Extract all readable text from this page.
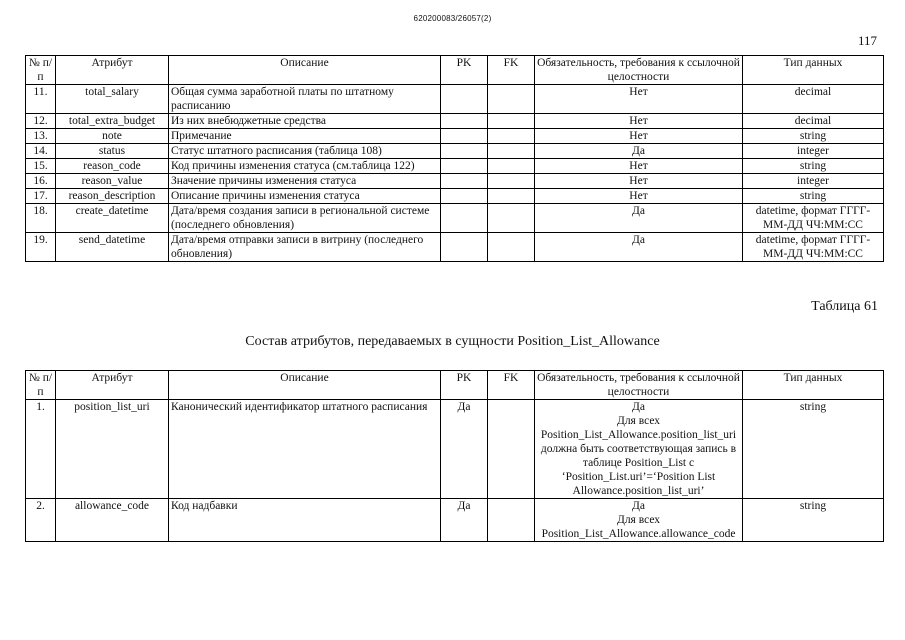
620200083/26057(2)
117
№ п/п	Атрибут	Описание	PK	FK	Обязательность, требования к ссылочной целостности	Тип данных
11.	total_salary	Общая сумма заработной платы по штатному расписанию			Нет	decimal
12.	total_extra_budget	Из них внебюджетные средства			Нет	decimal
13.	note	Примечание			Нет	string
14.	status	Статус штатного расписания (таблица 108)			Да	integer
15.	reason_code	Код причины изменения статуса (см.таблица 122)			Нет	string
16.	reason_value	Значение причины изменения статуса			Нет	integer
17.	reason_description	Описание причины изменения статуса			Нет	string
18.	create_datetime	Дата/время создания записи в региональной системе (последнего обновления)			Да	datetime, формат ГГГГ-ММ-ДД ЧЧ:ММ:СС
19.	send_datetime	Дата/время отправки записи в витрину (последнего обновления)			Да	datetime, формат ГГГГ-ММ-ДД ЧЧ:ММ:СС
Таблица 61
Состав атрибутов, передаваемых в сущности Position_List_Allowance
№ п/п	Атрибут	Описание	PK	FK	Обязательность, требования к ссылочной целостности	Тип данных
1.	position_list_uri	Канонический идентификатор штатного расписания	Да		Да
Для всех
Position_List_Allowance.position_list_uri должна быть соответствующая запись в таблице Position_List с ‘Position_List.uri’=‘Position List Allowance.position_list_uri’	string
2.	allowance_code	Код надбавки	Да		Да
Для всех Position_List_Allowance.allowance_code	string
